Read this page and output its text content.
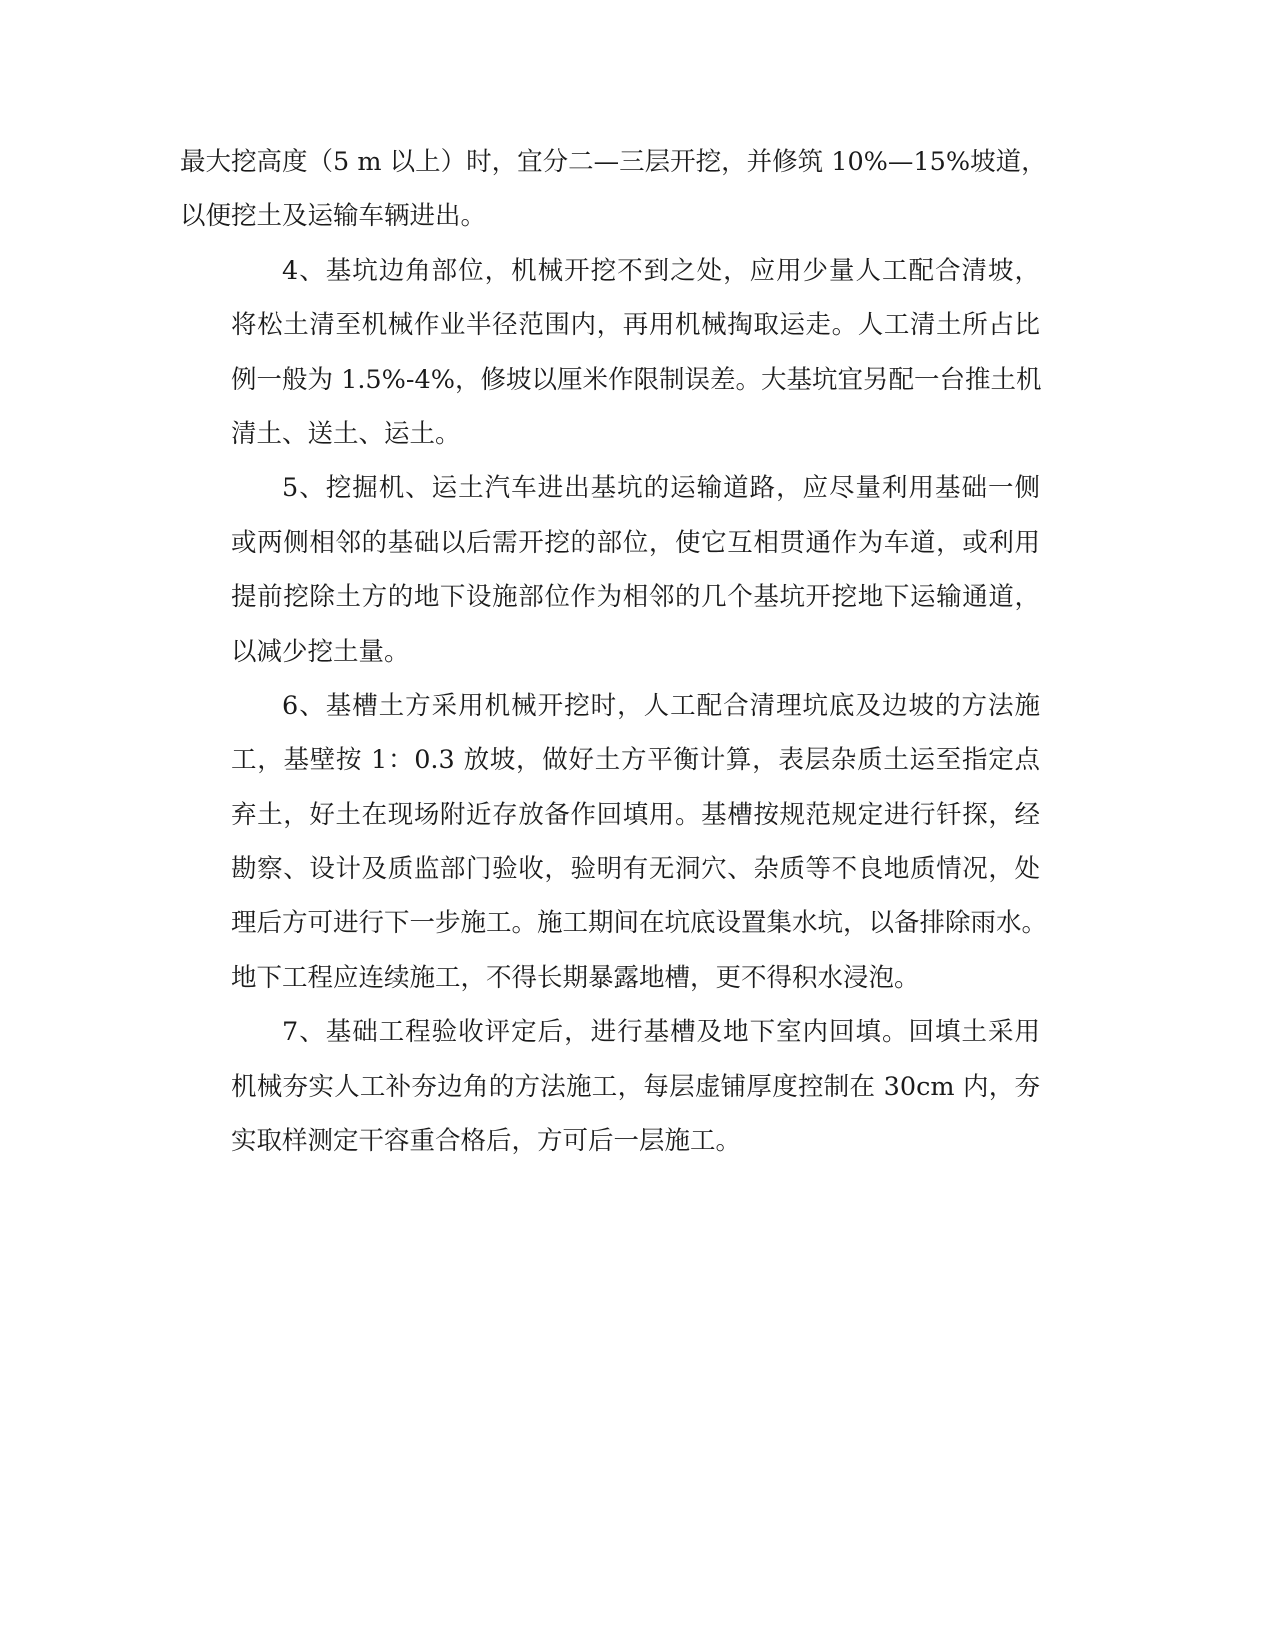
最大挖高度（5 m 以上）时，宜分二—三层开挖，并修筑 10%—15%坡道，
以便挖土及运输车辆进出。
4、基坑边角部位，机械开挖不到之处，应用少量人工配合清坡，
将松土清至机械作业半径范围内，再用机械掏取运走。人工清土所占比
例一般为 1.5%-4%，修坡以厘米作限制误差。大基坑宜另配一台推土机
清土、送土、运土。
5、挖掘机、运土汽车进出基坑的运输道路，应尽量利用基础一侧
或两侧相邻的基础以后需开挖的部位，使它互相贯通作为车道，或利用
提前挖除土方的地下设施部位作为相邻的几个基坑开挖地下运输通道，
以减少挖土量。
6、基槽土方采用机械开挖时，人工配合清理坑底及边坡的方法施
工，基壁按 1：0.3 放坡，做好土方平衡计算，表层杂质土运至指定点
弃土，好土在现场附近存放备作回填用。基槽按规范规定进行钎探，经
勘察、设计及质监部门验收，验明有无洞穴、杂质等不良地质情况，处
理后方可进行下一步施工。施工期间在坑底设置集水坑，以备排除雨水。
地下工程应连续施工，不得长期暴露地槽，更不得积水浸泡。
7、基础工程验收评定后，进行基槽及地下室内回填。回填土采用
机械夯实人工补夯边角的方法施工，每层虚铺厚度控制在 30cm 内，夯
实取样测定干容重合格后，方可后一层施工。
